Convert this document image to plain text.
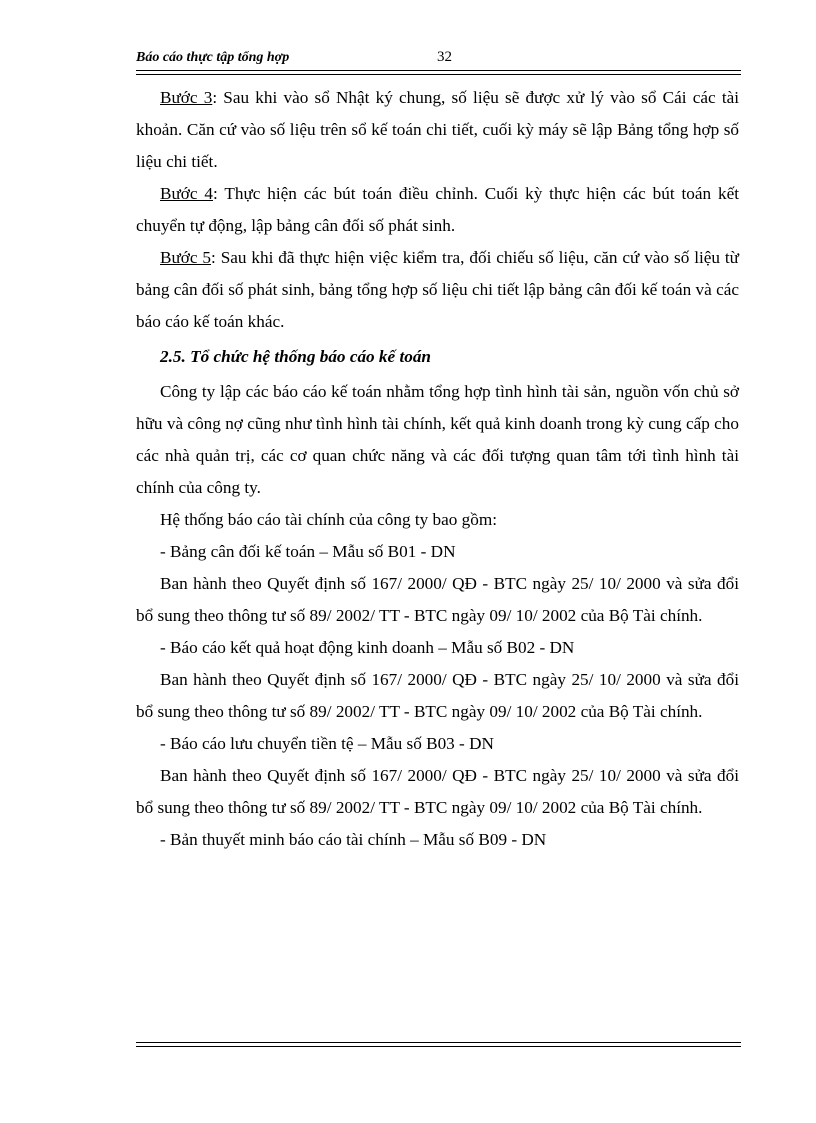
Báo cáo thực tập tổng hợp	32

Bước 3: Sau khi vào sổ Nhật ký chung, số liệu sẽ được xử lý vào sổ Cái các tài khoản. Căn cứ vào số liệu trên sổ kế toán chi tiết, cuối kỳ máy sẽ lập Bảng tổng hợp số liệu chi tiết.

Bước 4: Thực hiện các bút toán điều chỉnh. Cuối kỳ thực hiện các bút toán kết chuyển tự động, lập bảng cân đối số phát sinh.

Bước 5: Sau khi đã thực hiện việc kiểm tra, đối chiếu số liệu, căn cứ vào số liệu từ bảng cân đối số phát sinh, bảng tổng hợp số liệu chi tiết lập bảng cân đối kế toán và các báo cáo kế toán khác.

2.5. Tổ chức hệ thống báo cáo kế toán

Công ty lập các báo cáo kế toán nhằm tổng hợp tình hình tài sản, nguồn vốn chủ sở hữu và công nợ cũng như tình hình tài chính, kết quả kinh doanh trong kỳ cung cấp cho các nhà quản trị, các cơ quan chức năng và các đối tượng quan tâm tới tình hình tài chính của công ty.

Hệ thống báo cáo tài chính của công ty bao gồm:

- Bảng cân đối kế toán – Mẫu số B01 - DN

Ban hành theo Quyết định số 167/ 2000/ QĐ - BTC ngày 25/ 10/ 2000 và sửa đổi bổ sung theo thông tư số 89/ 2002/ TT - BTC ngày 09/ 10/ 2002 của Bộ Tài chính.

- Báo cáo kết quả hoạt động kinh doanh – Mẫu số B02 - DN

Ban hành theo Quyết định số 167/ 2000/ QĐ - BTC ngày 25/ 10/ 2000 và sửa đổi bổ sung theo thông tư số 89/ 2002/ TT - BTC ngày 09/ 10/ 2002 của Bộ Tài chính.

- Báo cáo lưu chuyển tiền tệ – Mẫu số B03 - DN

Ban hành theo Quyết định số 167/ 2000/ QĐ - BTC ngày 25/ 10/ 2000 và sửa đổi bổ sung theo thông tư số 89/ 2002/ TT - BTC ngày 09/ 10/ 2002 của Bộ Tài chính.

- Bản thuyết minh báo cáo tài chính – Mẫu số B09 - DN
